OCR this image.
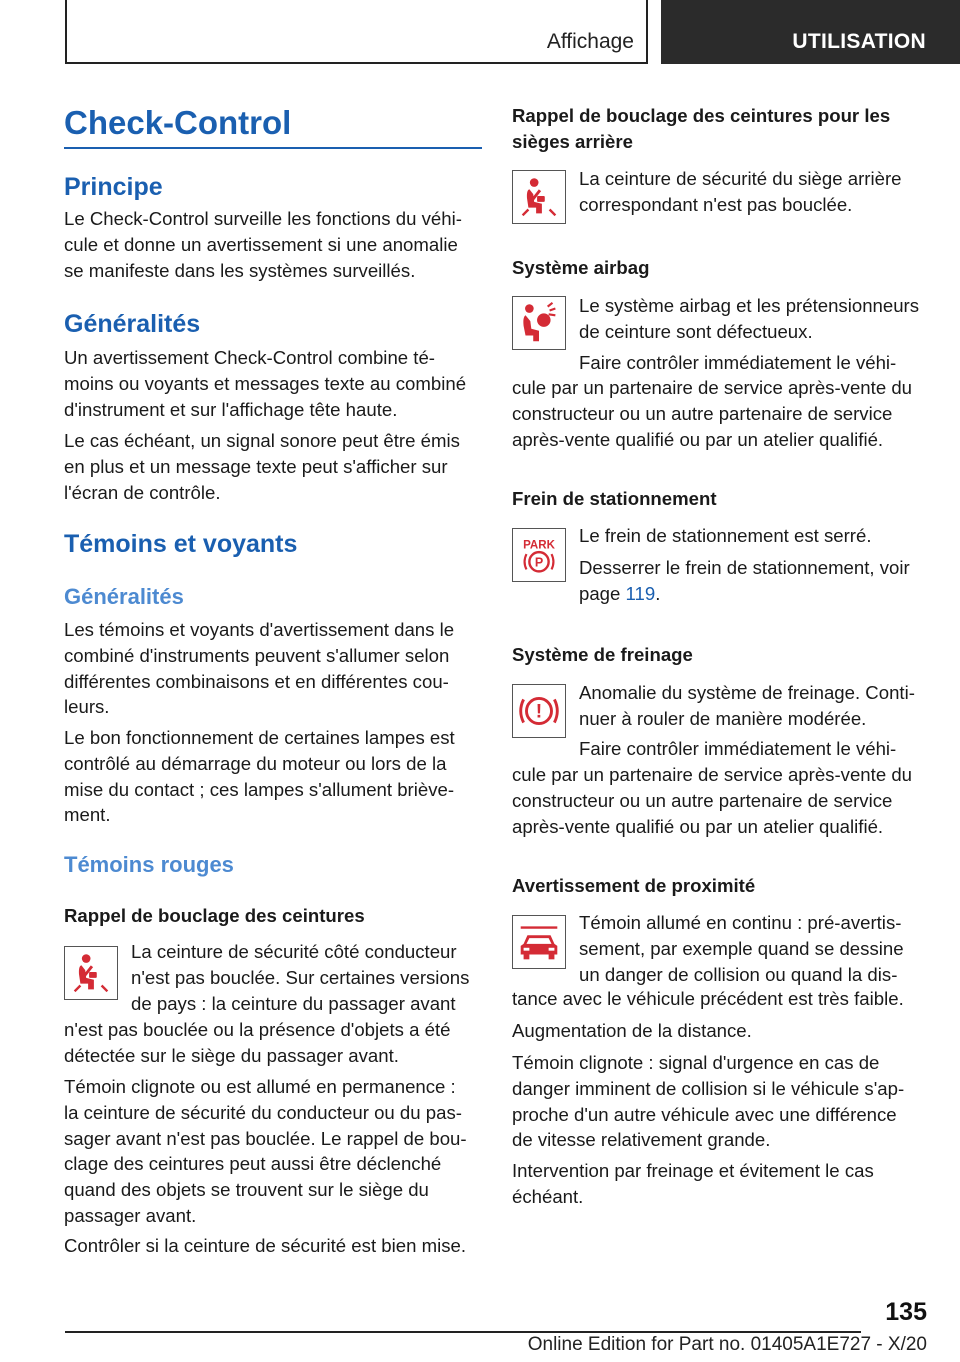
Affichage	UTILISATION
Check-Control
Principe

Le Check-Control surveille les fonctions du véhi-
cule et donne un avertissement si une anomalie
se manifeste dans les systèmes surveillés.

Généralités

Un avertissement Check-Control combine té-
moins ou voyants et messages texte au combiné
d'instrument et sur l'affichage tête haute.

Le cas échéant, un signal sonore peut être émis
en plus et un message texte peut s'afficher sur
l'écran de contrôle.

Témoins et voyants
Généralités

Les témoins et voyants d'avertissement dans le
combiné d'instruments peuvent s'allumer selon
différentes combinaisons et en différentes cou-
leurs.

Le bon fonctionnement de certaines lampes est
contrôlé au démarrage du moteur ou lors de la
mise du contact ; ces lampes s'allument briève-
ment.

Témoins rouges
Rappel de bouclage des ceintures

La ceinture de sécurité côté conducteur
n'est pas bouclée. Sur certaines versions
de pays : la ceinture du passager avant

n'est pas bouclée ou la présence d'objets a été
détectée sur le siège du passager avant.

Témoin clignote ou est allumé en permanence :
la ceinture de sécurité du conducteur ou du pas-
sager avant n'est pas bouclée. Le rappel de bou-
clage des ceintures peut aussi être déclenché
quand des objets se trouvent sur le siège du
passager avant.

Contrôler si la ceinture de sécurité est bien mise.

Rappel de bouclage des ceintures pour les
sièges arrière

La ceinture de sécurité du siège arrière
correspondant n'est pas bouclée.

Système airbag

Le système airbag et les prétensionneurs
de ceinture sont défectueux.

Faire contrôler immédiatement le véhi-

cule par un partenaire de service après-vente du
constructeur ou un autre partenaire de service
après-vente qualifié ou par un atelier qualifié.

Frein de stationnement
PARK
P

Le frein de stationnement est serré.

Desserrer le frein de stationnement, voir
page 119.

Système de freinage
!

Anomalie du système de freinage. Conti-
nuer à rouler de manière modérée.

Faire contrôler immédiatement le véhi-

cule par un partenaire de service après-vente du
constructeur ou un autre partenaire de service
après-vente qualifié ou par un atelier qualifié.

Avertissement de proximité

Témoin allumé en continu : pré-avertis-
sement, par exemple quand se dessine
un danger de collision ou quand la dis-

tance avec le véhicule précédent est très faible.

Augmentation de la distance.

Témoin clignote : signal d'urgence en cas de
danger imminent de collision si le véhicule s'ap-
proche d'un autre véhicule avec une différence
de vitesse relativement grande.

Intervention par freinage et évitement le cas
échéant.

135
Online Edition for Part no. 01405A1E727 - X/20
